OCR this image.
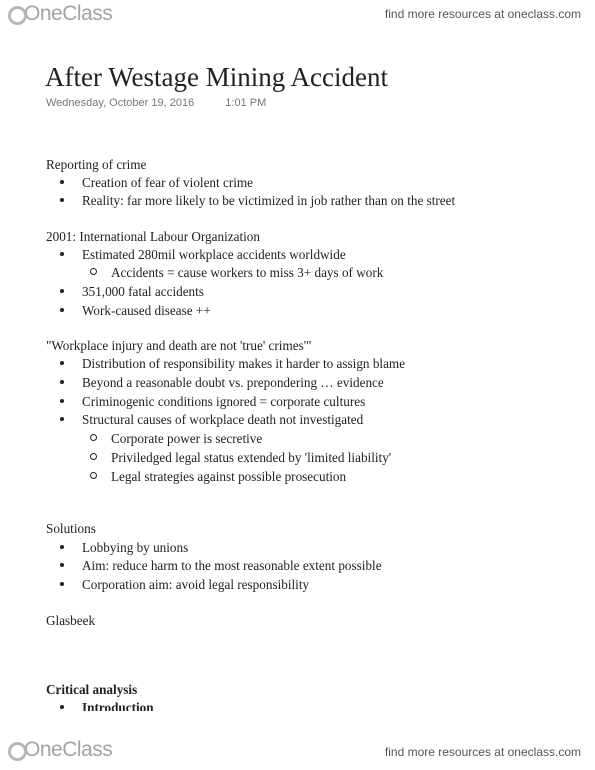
OneClass	find more resources at oneclass.com
After Westage Mining Accident
Wednesday, October 19, 2016	1:01 PM
Reporting of crime
Creation of fear of violent crime
Reality: far more likely to be victimized in job rather than on the street
2001: International Labour Organization
Estimated 280mil workplace accidents worldwide
Accidents = cause workers to miss 3+ days of work
351,000 fatal accidents
Work-caused disease ++
"Workplace injury and death are not 'true' crimes'"
Distribution of responsibility makes it harder to assign blame
Beyond a reasonable doubt vs. prepondering … evidence
Criminogenic conditions ignored = corporate cultures
Structural causes of workplace death not investigated
Corporate power is secretive
Priviledged legal status extended by 'limited liability'
Legal strategies against possible prosecution
Solutions
Lobbying by unions
Aim: reduce harm to the most reasonable extent possible
Corporation aim: avoid legal responsibility
Glasbeek
Critical analysis
Introduction
OneClass	find more resources at oneclass.com
